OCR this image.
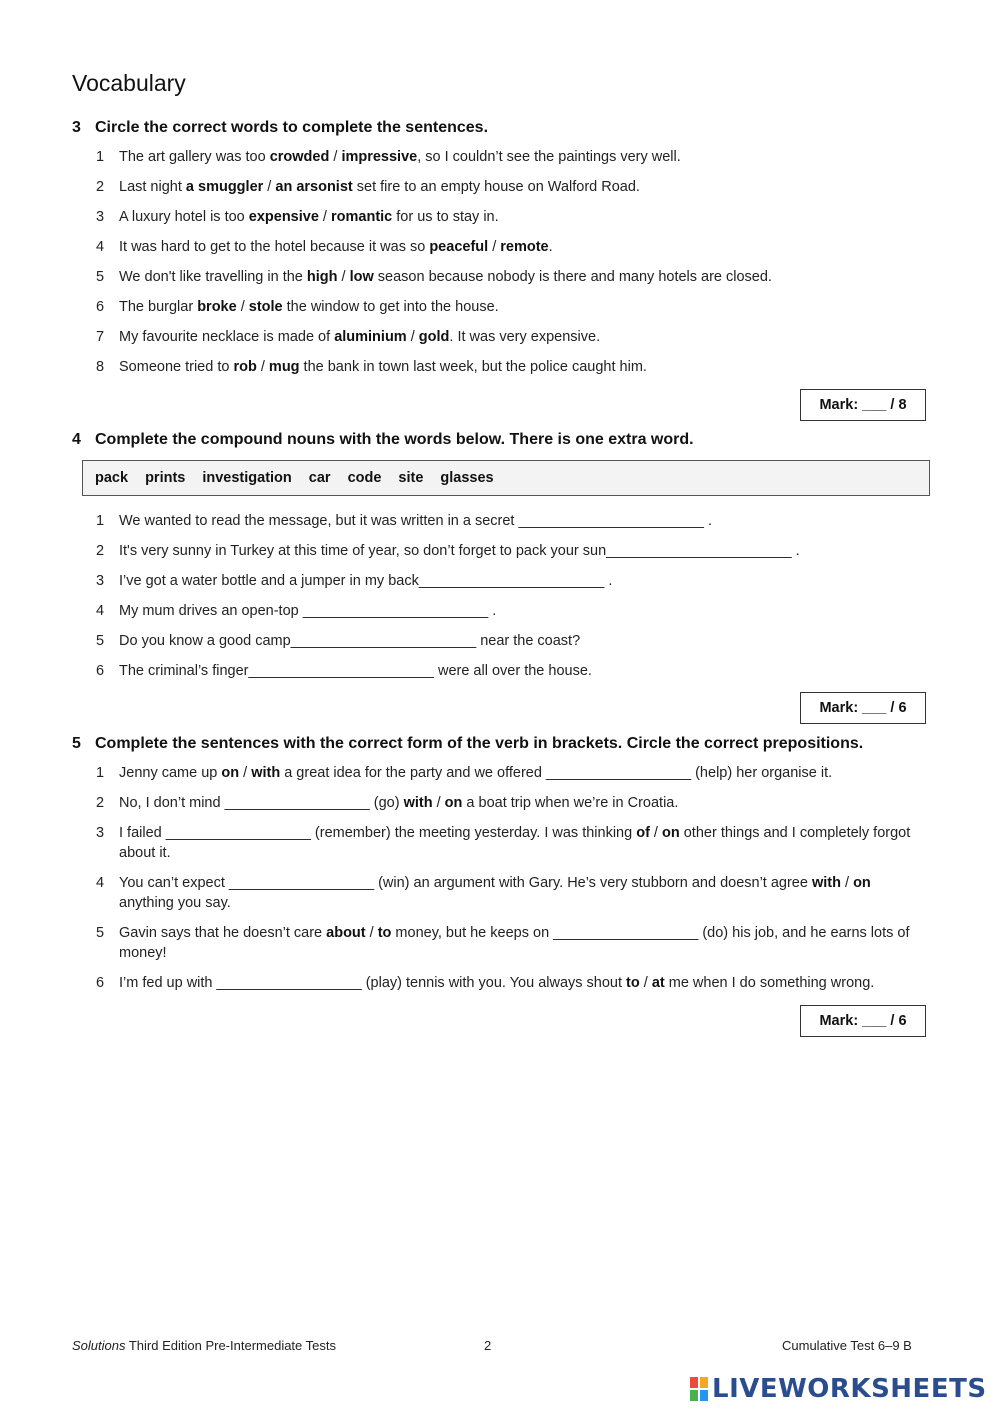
Vocabulary
3 Circle the correct words to complete the sentences.
1	The art gallery was too crowded / impressive, so I couldn’t see the paintings very well.
2	Last night a smuggler / an arsonist set fire to an empty house on Walford Road.
3	A luxury hotel is too expensive / romantic for us to stay in.
4	It was hard to get to the hotel because it was so peaceful / remote.
5	We don't like travelling in the high / low season because nobody is there and many hotels are closed.
6	The burglar broke / stole the window to get into the house.
7	My favourite necklace is made of aluminium / gold. It was very expensive.
8	Someone tried to rob / mug the bank in town last week, but the police caught him.
Mark: ___ / 8
4 Complete the compound nouns with the words below. There is one extra word.
pack prints investigation car code site glasses
1	We wanted to read the message, but it was written in a secret _______________________ .
2	It's very sunny in Turkey at this time of year, so don’t forget to pack your sun_______________________ .
3	I’ve got a water bottle and a jumper in my back_______________________ .
4	My mum drives an open-top _______________________ .
5	Do you know a good camp_______________________ near the coast?
6	The criminal’s finger_______________________ were all over the house.
Mark: ___ / 6
5 Complete the sentences with the correct form of the verb in brackets. Circle the correct prepositions.
1	Jenny came up on / with a great idea for the party and we offered __________________ (help) her organise it.
2	No, I don’t mind __________________ (go) with / on a boat trip when we’re in Croatia.
3	I failed __________________ (remember) the meeting yesterday. I was thinking of / on other things and I completely forgot about it.
4	You can’t expect __________________ (win) an argument with Gary. He’s very stubborn and doesn’t agree with / on anything you say.
5	Gavin says that he doesn’t care about / to money, but he keeps on __________________ (do) his job, and he earns lots of money!
6	I’m fed up with __________________ (play) tennis with you. You always shout to / at me when I do something wrong.
Mark: ___ / 6
Solutions Third Edition Pre-Intermediate Tests	2	Cumulative Test 6–9 B
LIVEWORKSHEETS
